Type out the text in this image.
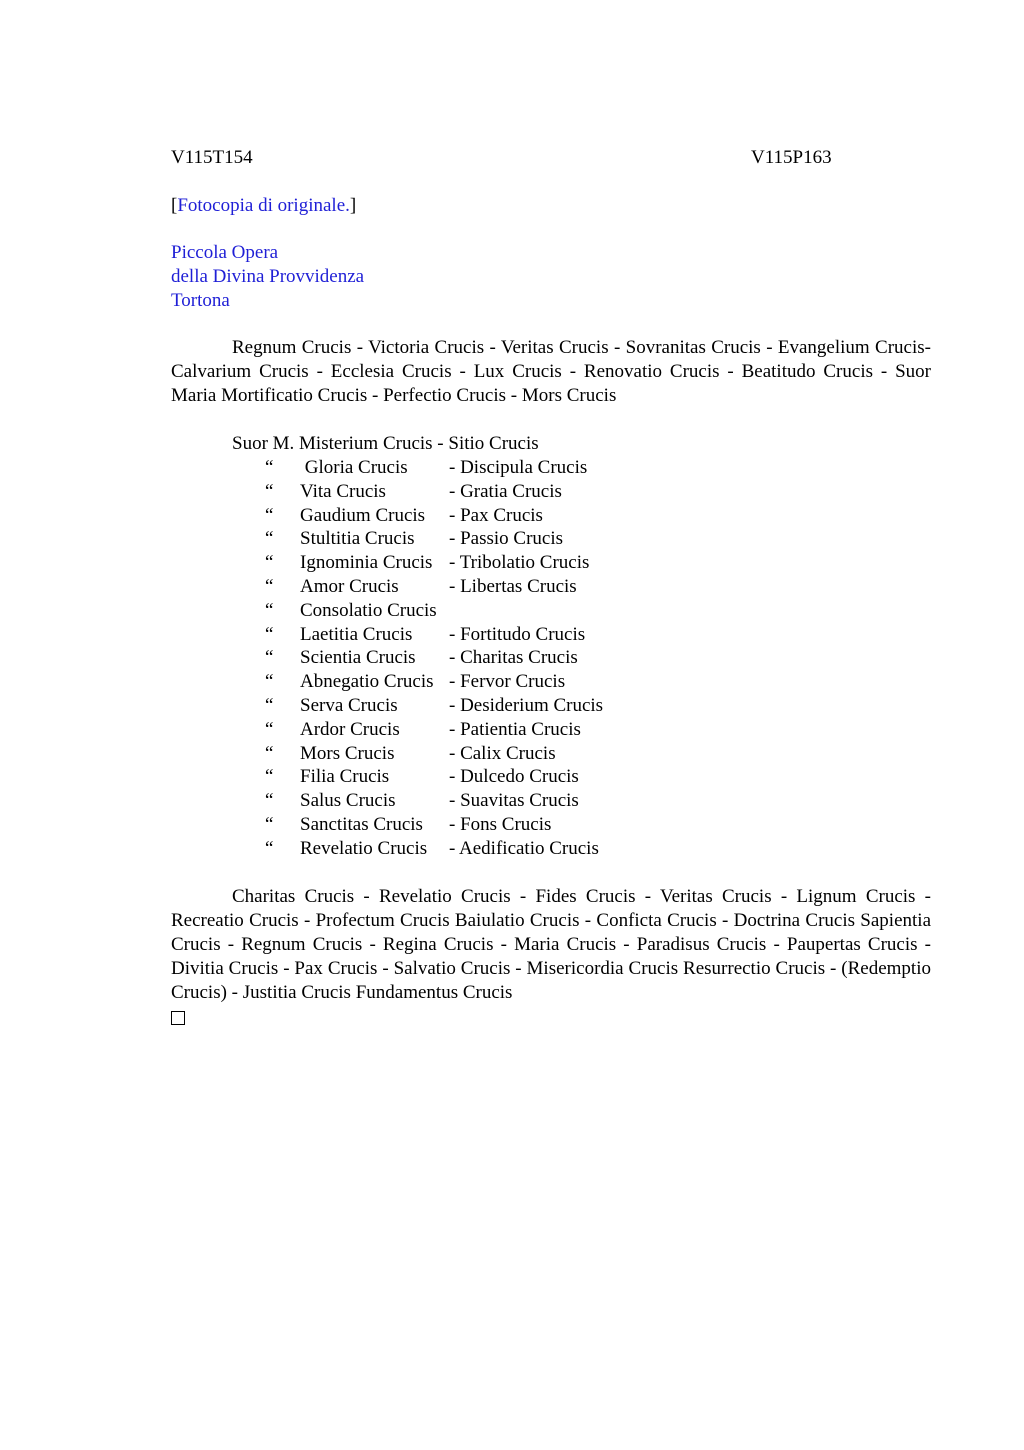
V115T154	V115P163
[Fotocopia di originale.]
Piccola Opera
della Divina Provvidenza
Tortona
Regnum Crucis - Victoria Crucis - Veritas Crucis - Sovranitas Crucis - Evangelium Crucis- Calvarium Crucis - Ecclesia Crucis - Lux Crucis - Renovatio Crucis - Beatitudo Crucis - Suor Maria Mortificatio Crucis - Perfectio Crucis - Mors Crucis
Suor M. Misterium Crucis - Sitio Crucis
“ Gloria Crucis - Discipula Crucis
“ Vita Crucis	- Gratia Crucis
“ Gaudium Crucis - Pax Crucis
“ Stultitia Crucis - Passio Crucis
“ Ignominia Crucis - Tribolatio Crucis
“ Amor Crucis	- Libertas Crucis
“ Consolatio Crucis
“ Laetitia Crucis - Fortitudo Crucis
“ Scientia Crucis - Charitas Crucis
“ Abnegatio Crucis - Fervor Crucis
“ Serva Crucis	- Desiderium Crucis
“ Ardor Crucis	- Patientia Crucis
“ Mors Crucis	- Calix Crucis
“ Filia Crucis	- Dulcedo Crucis
“ Salus Crucis	- Suavitas Crucis
“ Sanctitas Crucis - Fons Crucis
“ Revelatio Crucis - Aedificatio Crucis
Charitas Crucis - Revelatio Crucis - Fides Crucis - Veritas Crucis - Lignum Crucis - Recreatio Crucis - Profectum Crucis Baiulatio Crucis - Conficta Crucis - Doctrina Crucis Sapientia Crucis - Regnum Crucis - Regina Crucis - Maria Crucis - Paradisus Crucis - Paupertas Crucis - Divitia Crucis - Pax Crucis - Salvatio Crucis - Misericordia Crucis Resurrectio Crucis - (Redemptio Crucis) - Justitia Crucis Fundamentus Crucis
